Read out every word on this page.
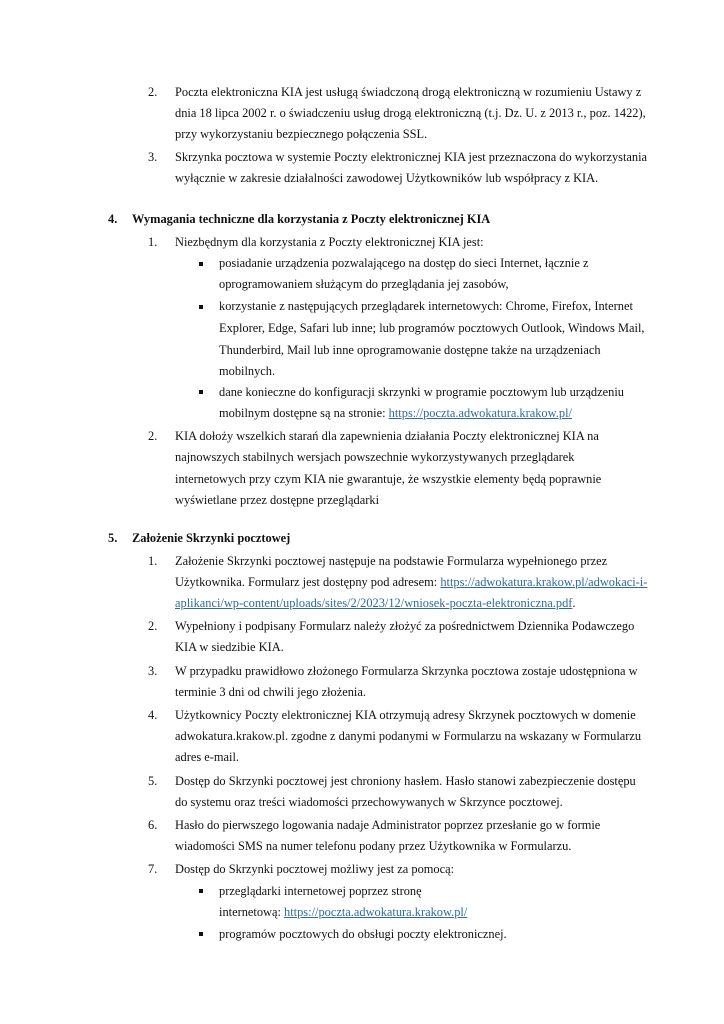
2. Poczta elektroniczna KIA jest usługą świadczoną drogą elektroniczną w rozumieniu Ustawy z
dnia 18 lipca 2002 r. o świadczeniu usług drogą elektroniczną (t.j. Dz. U. z 2013 r., poz. 1422),
przy wykorzystaniu bezpiecznego połączenia SSL.
3. Skrzynka pocztowa w systemie Poczty elektronicznej KIA jest przeznaczona do wykorzystania
wyłącznie w zakresie działalności zawodowej Użytkowników lub współpracy z KIA.
4. Wymagania techniczne dla korzystania z Poczty elektronicznej KIA
1. Niezbędnym dla korzystania z Poczty elektronicznej KIA jest:
posiadanie urządzenia pozwalającego na dostęp do sieci Internet, łącznie z
oprogramowaniem służącym do przeglądania jej zasobów,
korzystanie z następujących przeglądarek internetowych: Chrome, Firefox, Internet
Explorer, Edge, Safari lub inne; lub programów pocztowych Outlook, Windows Mail,
Thunderbird, Mail lub inne oprogramowanie dostępne także na urządzeniach
mobilnych.
dane konieczne do konfiguracji skrzynki w programie pocztowym lub urządzeniu
mobilnym dostępne są na stronie: https://poczta.adwokatura.krakow.pl/
2. KIA dołoży wszelkich starań dla zapewnienia działania Poczty elektronicznej KIA na
najnowszych stabilnych wersjach powszechnie wykorzystywanych przeglądarek
internetowych przy czym KIA nie gwarantuje, że wszystkie elementy będą poprawnie
wyświetlane przez dostępne przeglądarki
5. Założenie Skrzynki pocztowej
1. Założenie Skrzynki pocztowej następuje na podstawie Formularza wypełnionego przez
Użytkownika. Formularz jest dostępny pod adresem: https://adwokatura.krakow.pl/adwokaci-i-
aplikanci/wp-content/uploads/sites/2/2023/12/wniosek-poczta-elektroniczna.pdf.
2. Wypełniony i podpisany Formularz należy złożyć za pośrednictwem Dziennika Podawczego
KIA w siedzibie KIA.
3. W przypadku prawidłowo złożonego Formularza Skrzynka pocztowa zostaje udostępniona w
terminie 3 dni od chwili jego złożenia.
4. Użytkownicy Poczty elektronicznej KIA otrzymują adresy Skrzynek pocztowych w domenie
adwokatura.krakow.pl. zgodne z danymi podanymi w Formularzu na wskazany w Formularzu
adres e-mail.
5. Dostęp do Skrzynki pocztowej jest chroniony hasłem. Hasło stanowi zabezpieczenie dostępu
do systemu oraz treści wiadomości przechowywanych w Skrzynce pocztowej.
6. Hasło do pierwszego logowania nadaje Administrator poprzez przesłanie go w formie
wiadomości SMS na numer telefonu podany przez Użytkownika w Formularzu.
7. Dostęp do Skrzynki pocztowej możliwy jest za pomocą:
przeglądarki internetowej poprzez stronę
internetową: https://poczta.adwokatura.krakow.pl/
programów pocztowych do obsługi poczty elektronicznej.
